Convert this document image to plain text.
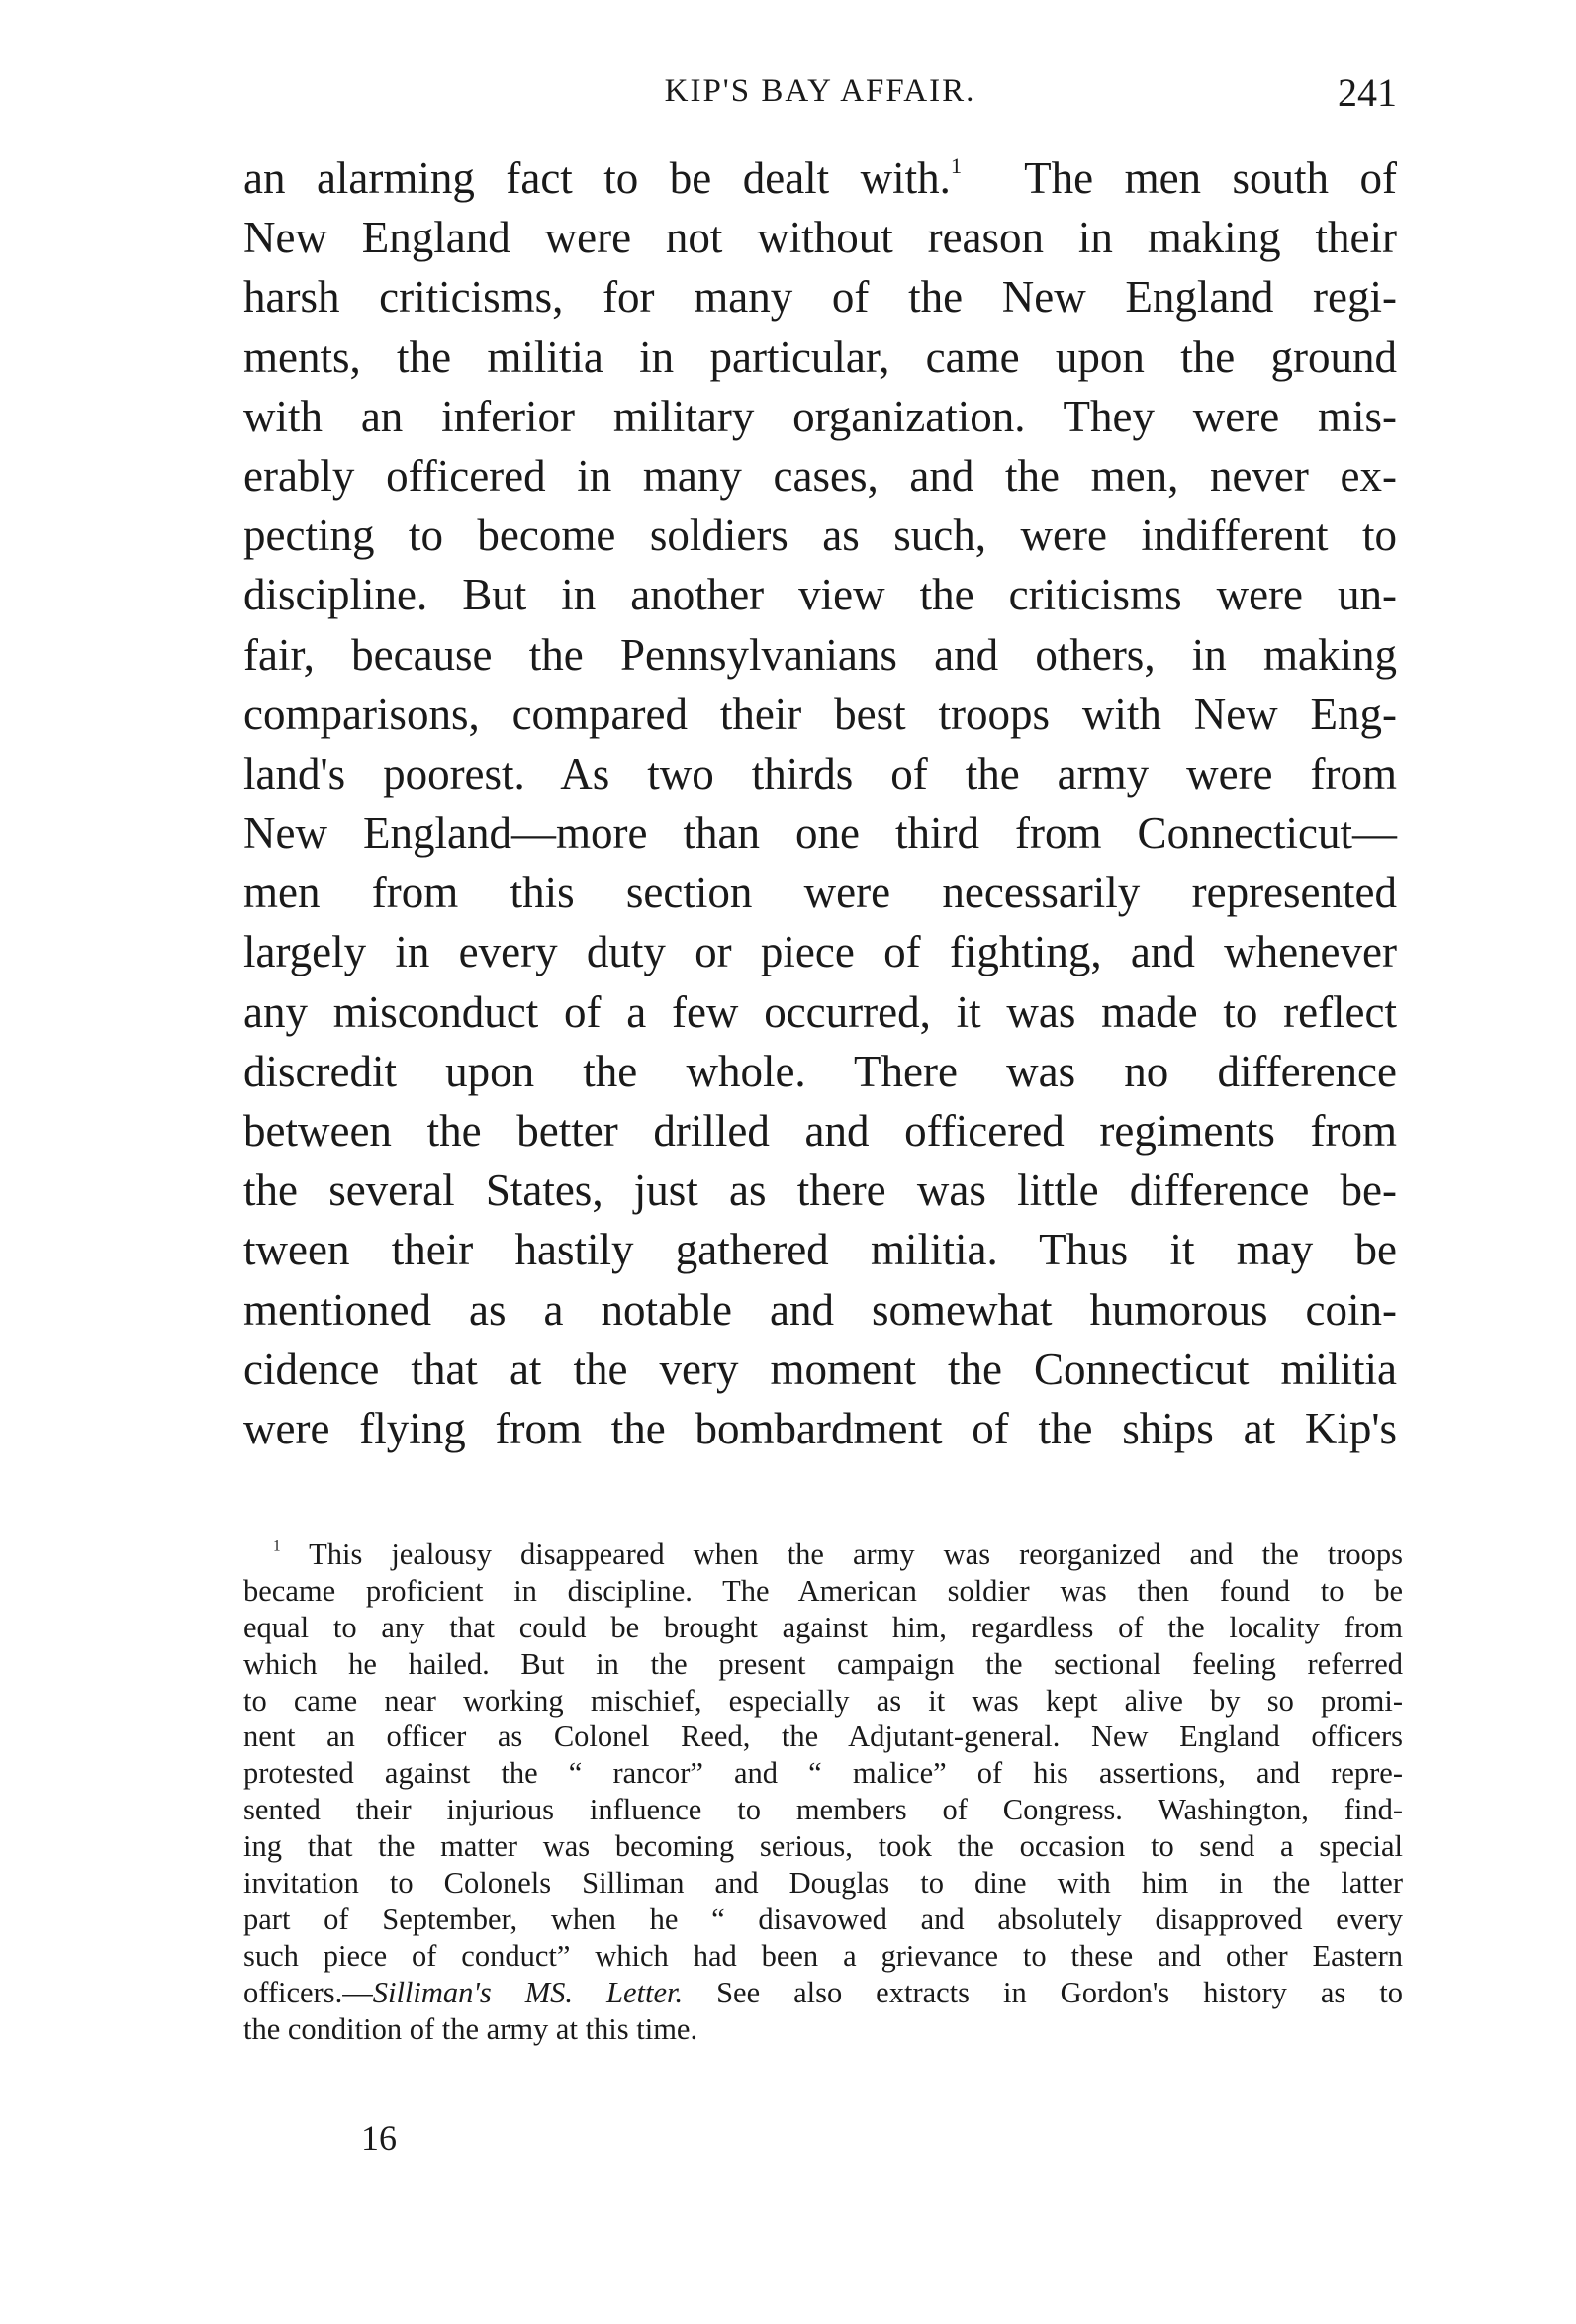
KIP'S BAY AFFAIR.	241
an alarming fact to be dealt with.$^1$ The men south of
New England were not without reason in making their
harsh criticisms, for many of the New England regi-
ments, the militia in particular, came upon the ground
with an inferior military organization. They were mis-
erably officered in many cases, and the men, never ex-
pecting to become soldiers as such, were indifferent to
discipline. But in another view the criticisms were un-
fair, because the Pennsylvanians and others, in making
comparisons, compared their best troops with New Eng-
land's poorest. As two thirds of the army were from
New England—more than one third from Connecticut—
men from this section were necessarily represented
largely in every duty or piece of fighting, and whenever
any misconduct of a few occurred, it was made to reflect
discredit upon the whole. There was no difference
between the better drilled and officered regiments from
the several States, just as there was little difference be-
tween their hastily gathered militia. Thus it may be
mentioned as a notable and somewhat humorous coin-
cidence that at the very moment the Connecticut militia
were flying from the bombardment of the ships at Kip's
$^1$ This jealousy disappeared when the army was reorganized and the troops
became proficient in discipline. The American soldier was then found to be
equal to any that could be brought against him, regardless of the locality from
which he hailed. But in the present campaign the sectional feeling referred
to came near working mischief, especially as it was kept alive by so promi-
nent an officer as Colonel Reed, the Adjutant-general. New England officers
protested against the “ rancor” and “ malice” of his assertions, and repre-
sented their injurious influence to members of Congress. Washington, find-
ing that the matter was becoming serious, took the occasion to send a special
invitation to Colonels Silliman and Douglas to dine with him in the latter
part of September, when he “ disavowed and absolutely disapproved every
such piece of conduct” which had been a grievance to these and other Eastern
officers.—Silliman's MS. Letter. See also extracts in Gordon's history as to
the condition of the army at this time.
16
